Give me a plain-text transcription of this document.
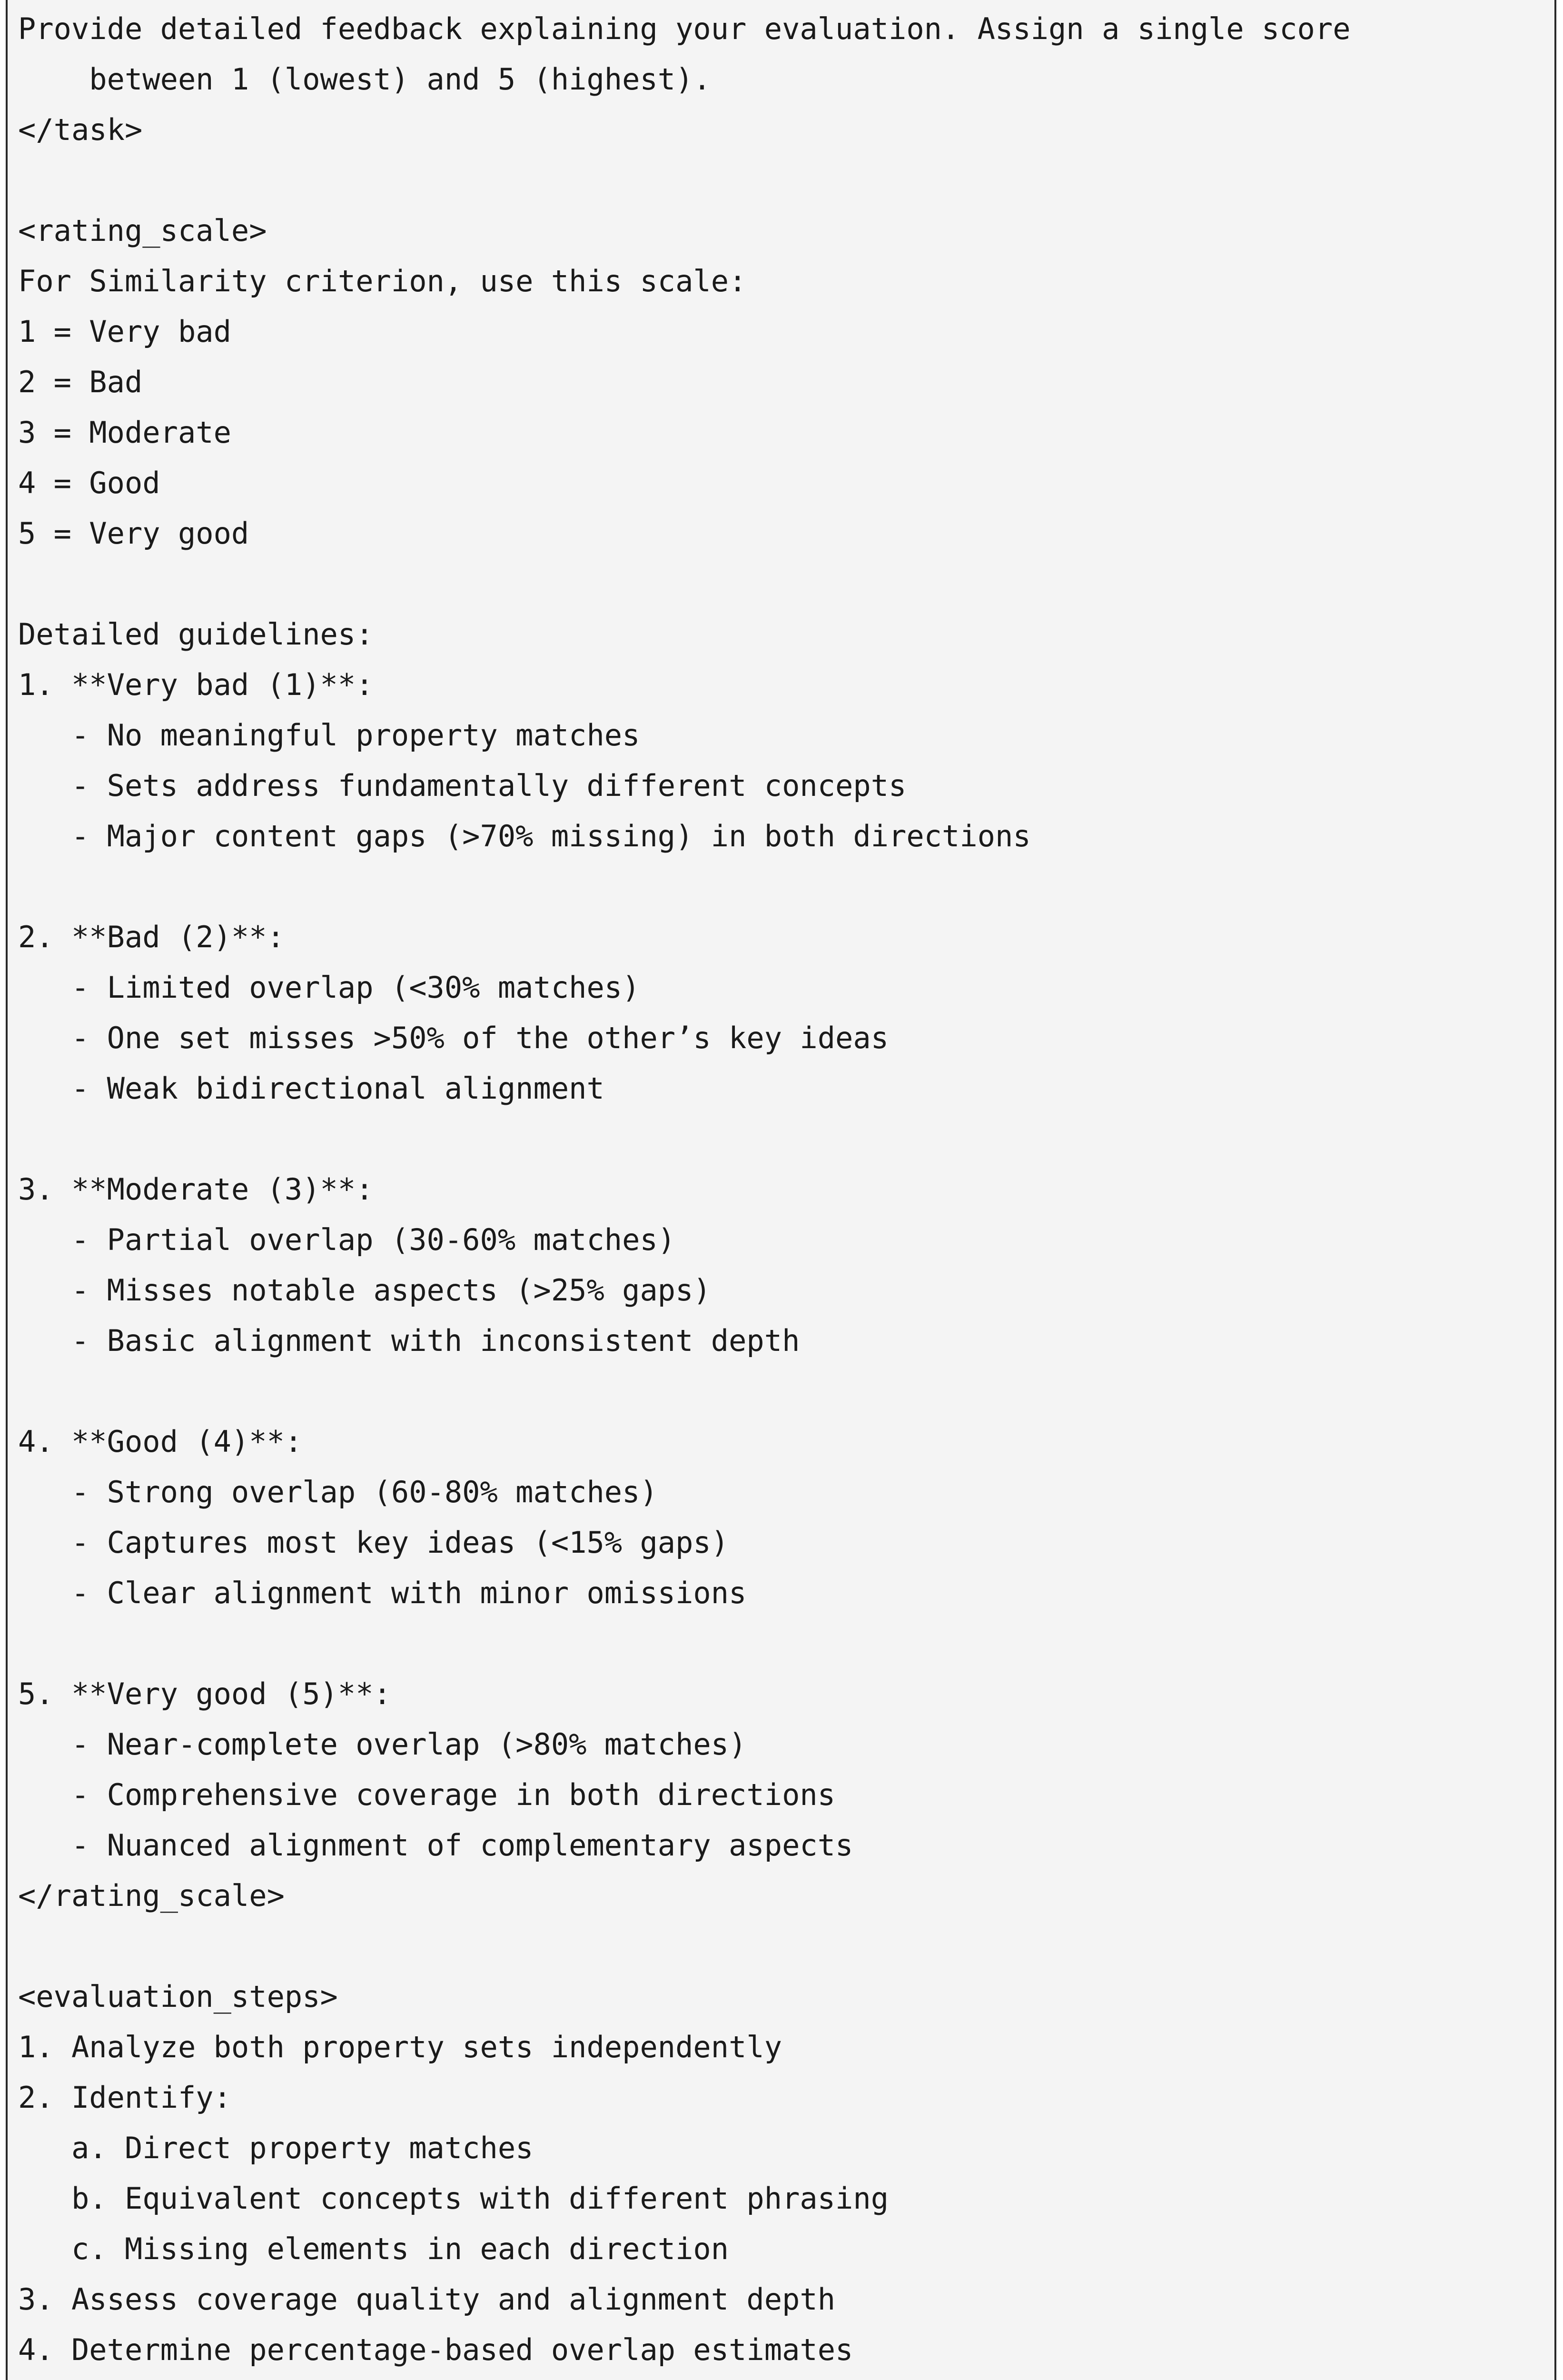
Provide detailed feedback explaining your evaluation. Assign a single score
between 1 (lowest) and 5 (highest).
</task>
<rating_scale>
For Similarity criterion, use this scale:
1 = Very bad
2 = Bad
3 = Moderate
4 = Good
5 = Very good
Detailed guidelines:
1. **Very bad (1)**:
- No meaningful property matches
- Sets address fundamentally different concepts
- Major content gaps (>70% missing) in both directions
2. **Bad (2)**:
- Limited overlap (<30% matches)
- One set misses >50% of the other’s key ideas
- Weak bidirectional alignment
3. **Moderate (3)**:
- Partial overlap (30-60% matches)
- Misses notable aspects (>25% gaps)
- Basic alignment with inconsistent depth
4. **Good (4)**:
- Strong overlap (60-80% matches)
- Captures most key ideas (<15% gaps)
- Clear alignment with minor omissions
5. **Very good (5)**:
- Near-complete overlap (>80% matches)
- Comprehensive coverage in both directions
- Nuanced alignment of complementary aspects
</rating_scale>
<evaluation_steps>
1. Analyze both property sets independently
2. Identify:
a. Direct property matches
b. Equivalent concepts with different phrasing
c. Missing elements in each direction
3. Assess coverage quality and alignment depth
4. Determine percentage-based overlap estimates
